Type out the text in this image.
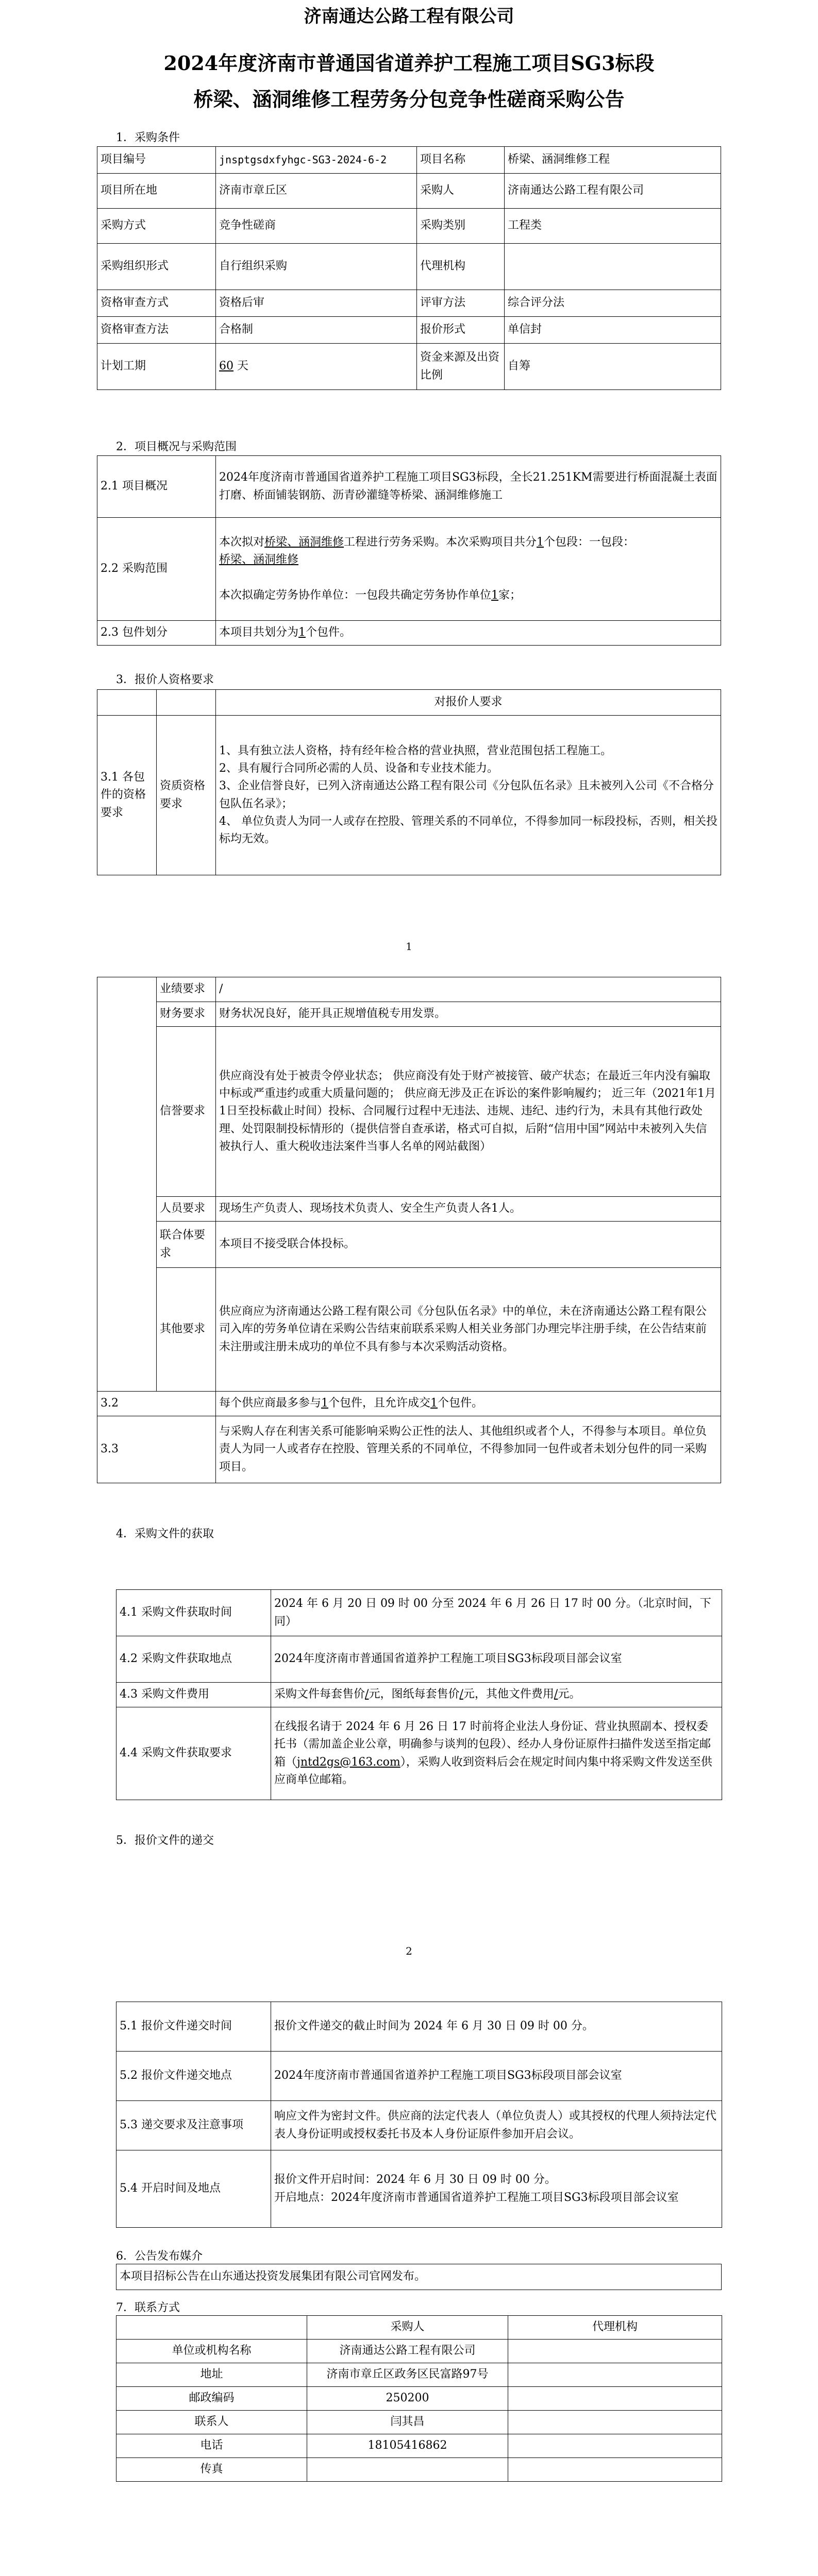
济南通达公路工程有限公司
2024年度济南市普通国省道养护工程施工项目SG3标段
桥梁、涵洞维修工程劳务分包竞争性磋商采购公告
1．采购条件
项目编号	jnsptgsdxfyhgc-SG3-2024-6-2	项目名称	桥梁、涵洞维修工程
项目所在地	济南市章丘区	采购人	济南通达公路工程有限公司
采购方式	竞争性磋商	采购类别	工程类
采购组织形式	自行组织采购	代理机构	
资格审查方式	资格后审	评审方法	综合评分法
资格审查方法	合格制	报价形式	单信封
计划工期	60 天	资金来源及出资比例	自筹
2．项目概况与采购范围
2.1 项目概况	2024年度济南市普通国省道养护工程施工项目SG3标段，全长21.251KM需要进行桥面混凝土表面打磨、桥面铺装钢筋、沥青砂灌缝等桥梁、涵洞维修施工
2.2 采购范围	本次拟对桥梁、涵洞维修工程进行劳务采购。本次采购项目共分1个包段：一包段：
桥梁、涵洞维修

本次拟确定劳务协作单位：一包段共确定劳务协作单位1家；
2.3 包件划分	本项目共划分为1个包件。
3．报价人资格要求
		对报价人要求
3.1 各包件的资格要求	资质资格要求	1、具有独立法人资格，持有经年检合格的营业执照，营业范围包括工程施工。
2、具有履行合同所必需的人员、设备和专业技术能力。
3、企业信誉良好，已列入济南通达公路工程有限公司《分包队伍名录》且未被列入公司《不合格分包队伍名录》；
4、 单位负责人为同一人或存在控股、管理关系的不同单位，不得参加同一标段投标，否则，相关投标均无效。
1
	业绩要求	/
	财务要求	财务状况良好，能开具正规增值税专用发票。
	信誉要求	供应商没有处于被责令停业状态； 供应商没有处于财产被接管、破产状态；在最近三年内没有骗取中标或严重违约或重大质量问题的； 供应商无涉及正在诉讼的案件影响履约； 近三年（2021年1月1日至投标截止时间）投标、合同履行过程中无违法、违规、违纪、违约行为，未具有其他行政处理、处罚限制投标情形的（提供信誉自查承诺，格式可自拟，后附“信用中国”网站中未被列入失信被执行人、重大税收违法案件当事人名单的网站截图）
	人员要求	现场生产负责人、现场技术负责人、安全生产负责人各1人。
	联合体要求	本项目不接受联合体投标。
	其他要求	供应商应为济南通达公路工程有限公司《分包队伍名录》中的单位，未在济南通达公路工程有限公司入库的劳务单位请在采购公告结束前联系采购人相关业务部门办理完毕注册手续，在公告结束前未注册或注册未成功的单位不具有参与本次采购活动资格。
3.2		每个供应商最多参与1个包件，且允许成交1个包件。
3.3		与采购人存在利害关系可能影响采购公正性的法人、其他组织或者个人，不得参与本项目。单位负责人为同一人或者存在控股、管理关系的不同单位，不得参加同一包件或者未划分包件的同一采购项目。
4．采购文件的获取
4.1 采购文件获取时间	2024 年 6 月 20 日 09 时 00 分至 2024 年 6 月 26 日 17 时 00 分。（北京时间，下同）
4.2 采购文件获取地点	2024年度济南市普通国省道养护工程施工项目SG3标段项目部会议室
4.3 采购文件费用	采购文件每套售价/元，图纸每套售价/元，其他文件费用/元。
4.4 采购文件获取要求	在线报名请于 2024 年 6 月 26 日 17 时前将企业法人身份证、营业执照副本、授权委托书（需加盖企业公章，明确参与谈判的包段）、经办人身份证原件扫描件发送至指定邮箱（jntd2gs@163.com），采购人收到资料后会在规定时间内集中将采购文件发送至供应商单位邮箱。
5．报价文件的递交
2
5.1 报价文件递交时间	报价文件递交的截止时间为 2024 年 6 月 30 日 09 时 00 分。
5.2 报价文件递交地点	2024年度济南市普通国省道养护工程施工项目SG3标段项目部会议室
5.3 递交要求及注意事项	响应文件为密封文件。供应商的法定代表人（单位负责人）或其授权的代理人须持法定代表人身份证明或授权委托书及本人身份证原件参加开启会议。
5.4 开启时间及地点	报价文件开启时间：2024 年 6 月 30 日 09 时 00 分。
开启地点：2024年度济南市普通国省道养护工程施工项目SG3标段项目部会议室
6．公告发布媒介
本项目招标公告在山东通达投资发展集团有限公司官网发布。
7．联系方式
	采购人	代理机构
单位或机构名称	济南通达公路工程有限公司	
地址	济南市章丘区政务区民富路97号	
邮政编码	250200	
联系人	闫其昌	
电话	18105416862	
传真		
